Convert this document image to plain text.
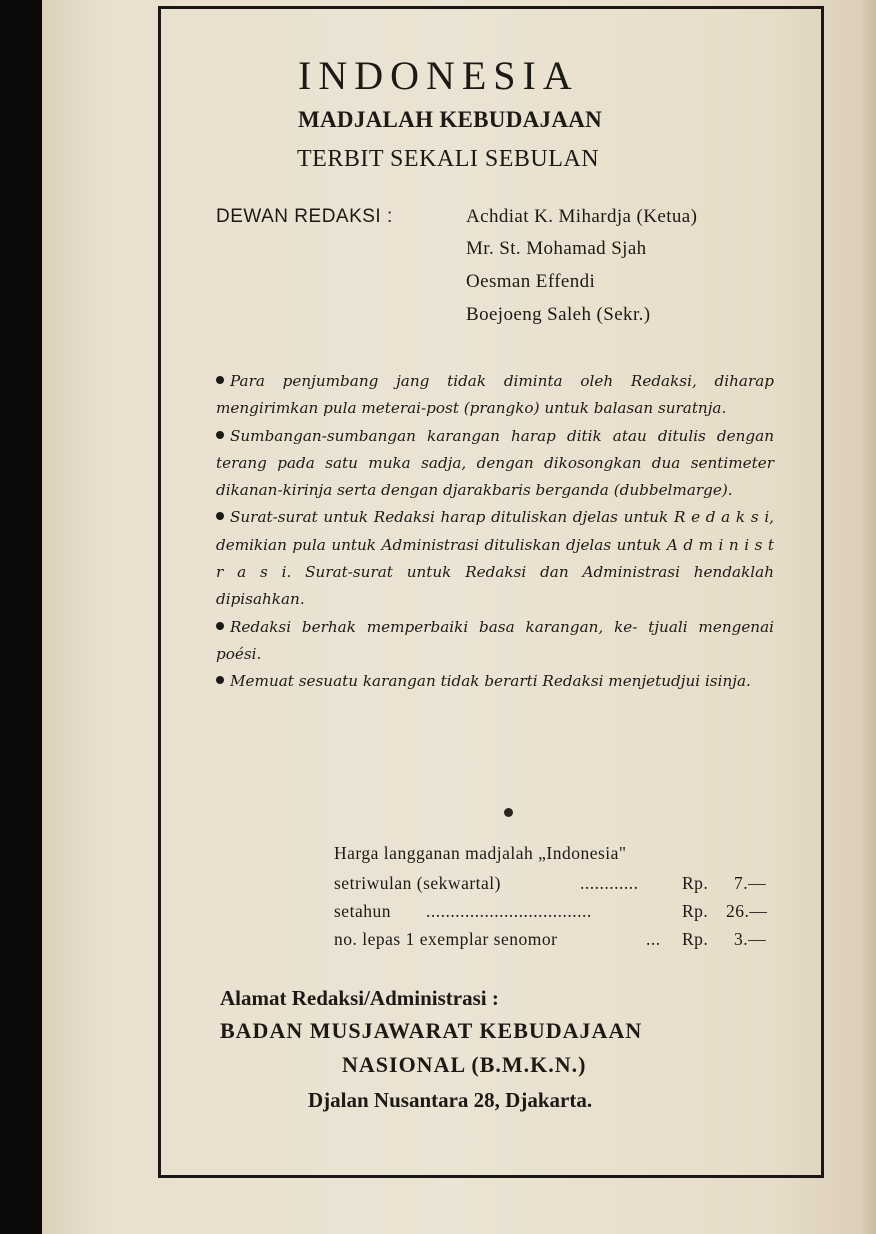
INDONESIA
MADJALAH KEBUDAJAAN
TERBIT SEKALI SEBULAN
DEWAN REDAKSI :	Achdiat K. Mihardja (Ketua)
Mr. St. Mohamad Sjah
Oesman Effendi
Boejoeng Saleh (Sekr.)
Para penjumbang jang tidak diminta oleh Redaksi, diharap mengirimkan pula meterai-post (prangko) untuk balasan suratnja.
Sumbangan-sumbangan karangan harap ditik atau ditulis dengan terang pada satu muka sadja, dengan dikosongkan dua sentimeter dikanan-kirinja serta dengan djarakbaris berganda (dubbelmarge).
Surat-surat untuk Redaksi harap dituliskan djelas untuk R e d a k s i, demikian pula untuk Administrasi dituliskan djelas untuk A d m i n i s t r a s i. Surat-surat untuk Redaksi dan Administrasi hendaklah dipisahkan.
Redaksi berhak memperbaiki basa karangan, ke- tjuali mengenai poési.
Memuat sesuatu karangan tidak berarti Redaksi menjetudjui isinja.
Harga langganan madjalah „Indonesia"
setriwulan (sekwartal)	............ Rp. 7.—
setahun ..................................	Rp. 26.—
no. lepas 1 exemplar senomor	... Rp. 3.—
Alamat Redaksi/Administrasi :
BADAN MUSJAWARAT KEBUDAJAAN
NASIONAL (B.M.K.N.)
Djalan Nusantara 28, Djakarta.
